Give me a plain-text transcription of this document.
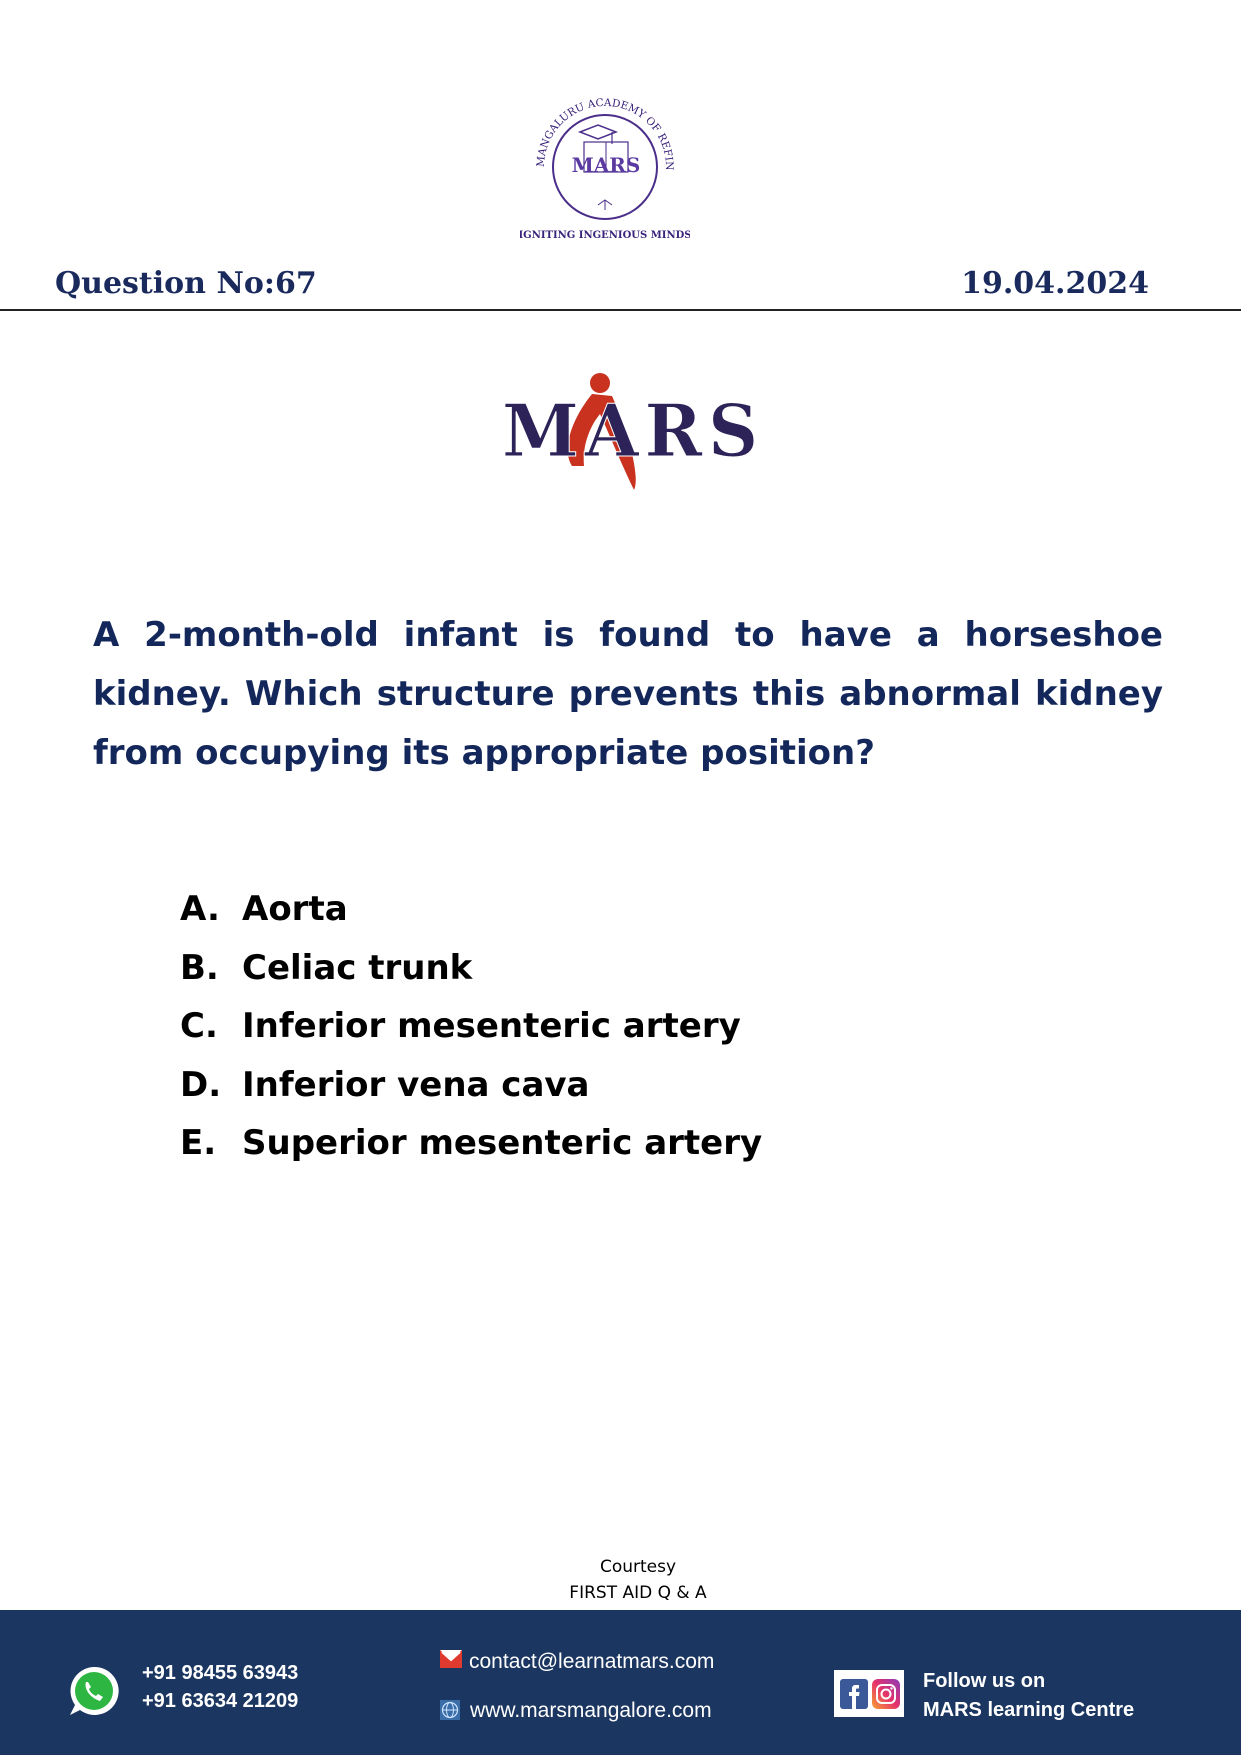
MANGALURU ACADEMY OF REFIN
MARS
IGNITING INGENIOUS MINDS
Question No:67	19.04.2024
MARS
A 2-month-old infant is found to have a horseshoe kidney. Which structure prevents this abnormal kidney from occupying its appropriate position?
A. Aorta
B. Celiac trunk
C. Inferior mesenteric artery
D. Inferior vena cava
E. Superior mesenteric artery
Courtesy
FIRST AID Q & A
+91 98455 63943
+91 63634 21209
contact@learnatmars.com
www.marsmangalore.com
Follow us on
MARS learning Centre
